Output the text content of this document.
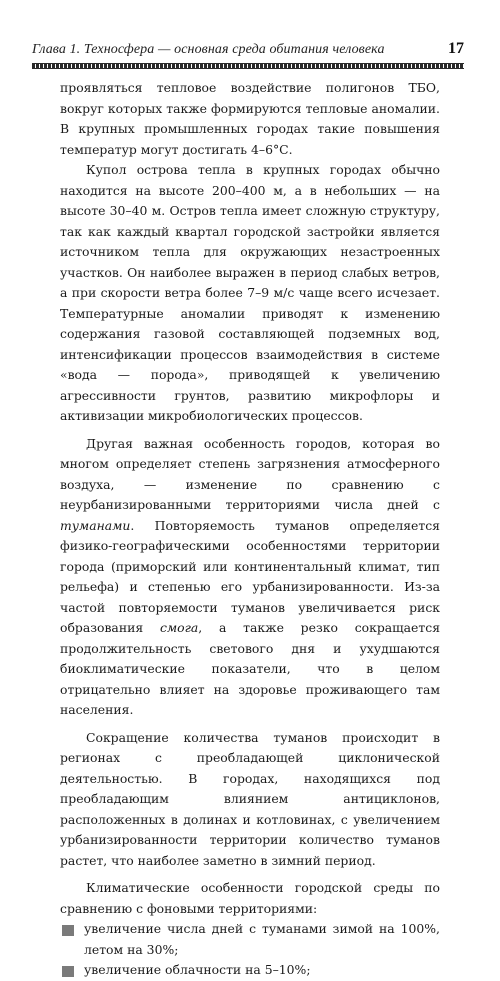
Глава 1. Техносфера — основная среда обитания человека	17

проявляться тепловое воздействие полигонов ТБО, вокруг которых также формируются тепловые аномалии. В крупных промышленных городах такие повышения температур могут достигать 4–6°С.

Купол острова тепла в крупных городах обычно находится на высоте 200–400 м, а в небольших — на высоте 30–40 м. Остров тепла имеет сложную структуру, так как каждый квартал городской застройки является источником тепла для окружающих незастроенных участков. Он наиболее выражен в период слабых ветров, а при скорости ветра более 7–9 м/с чаще всего исчезает. Температурные аномалии приводят к изменению содержания газовой составляющей подземных вод, интенсификации процессов взаимодействия в системе «вода — порода», приводящей к увеличению агрессивности грунтов, развитию микрофлоры и активизации микробиологических процессов.

Другая важная особенность городов, которая во многом определяет степень загрязнения атмосферного воздуха, — изменение по сравнению с неурбанизированными территориями числа дней с туманами. Повторяемость туманов определяется физико-географическими особенностями территории города (приморский или континентальный климат, тип рельефа) и степенью его урбанизированности. Из-за частой повторяемости туманов увеличивается риск образования смога, а также резко сокращается продолжительность светового дня и ухудшаются биоклиматические показатели, что в целом отрицательно влияет на здоровье проживающего там населения.

Сокращение количества туманов происходит в регионах с преобладающей циклонической деятельностью. В городах, находящихся под преобладающим влиянием антициклонов, расположенных в долинах и котловинах, с увеличением урбанизированности территории количество туманов растет, что наиболее заметно в зимний период.

Климатические особенности городской среды по сравнению с фоновыми территориями:

увеличение числа дней с туманами зимой на 100%, летом на 30%;
увеличение облачности на 5–10%;
